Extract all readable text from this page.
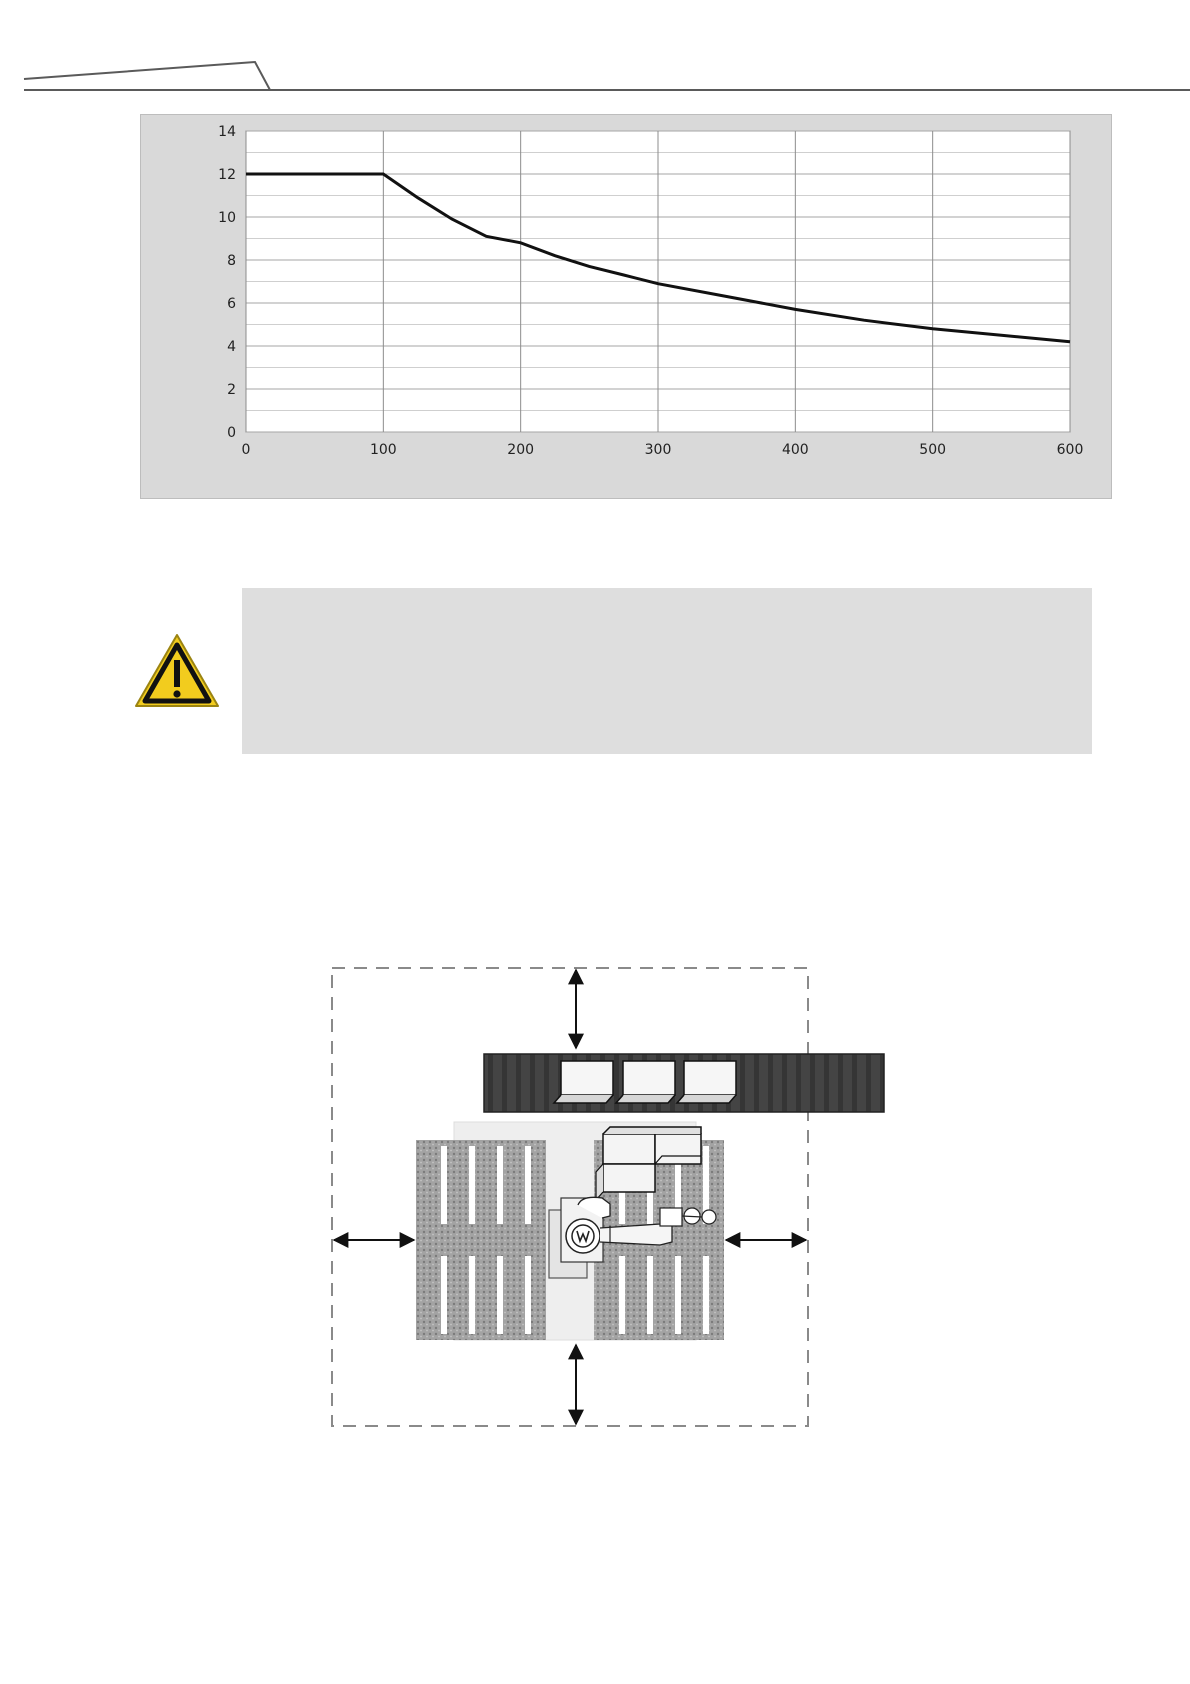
0
2
4
6
8
10
12
14
0	100	200	300	400	500	600
